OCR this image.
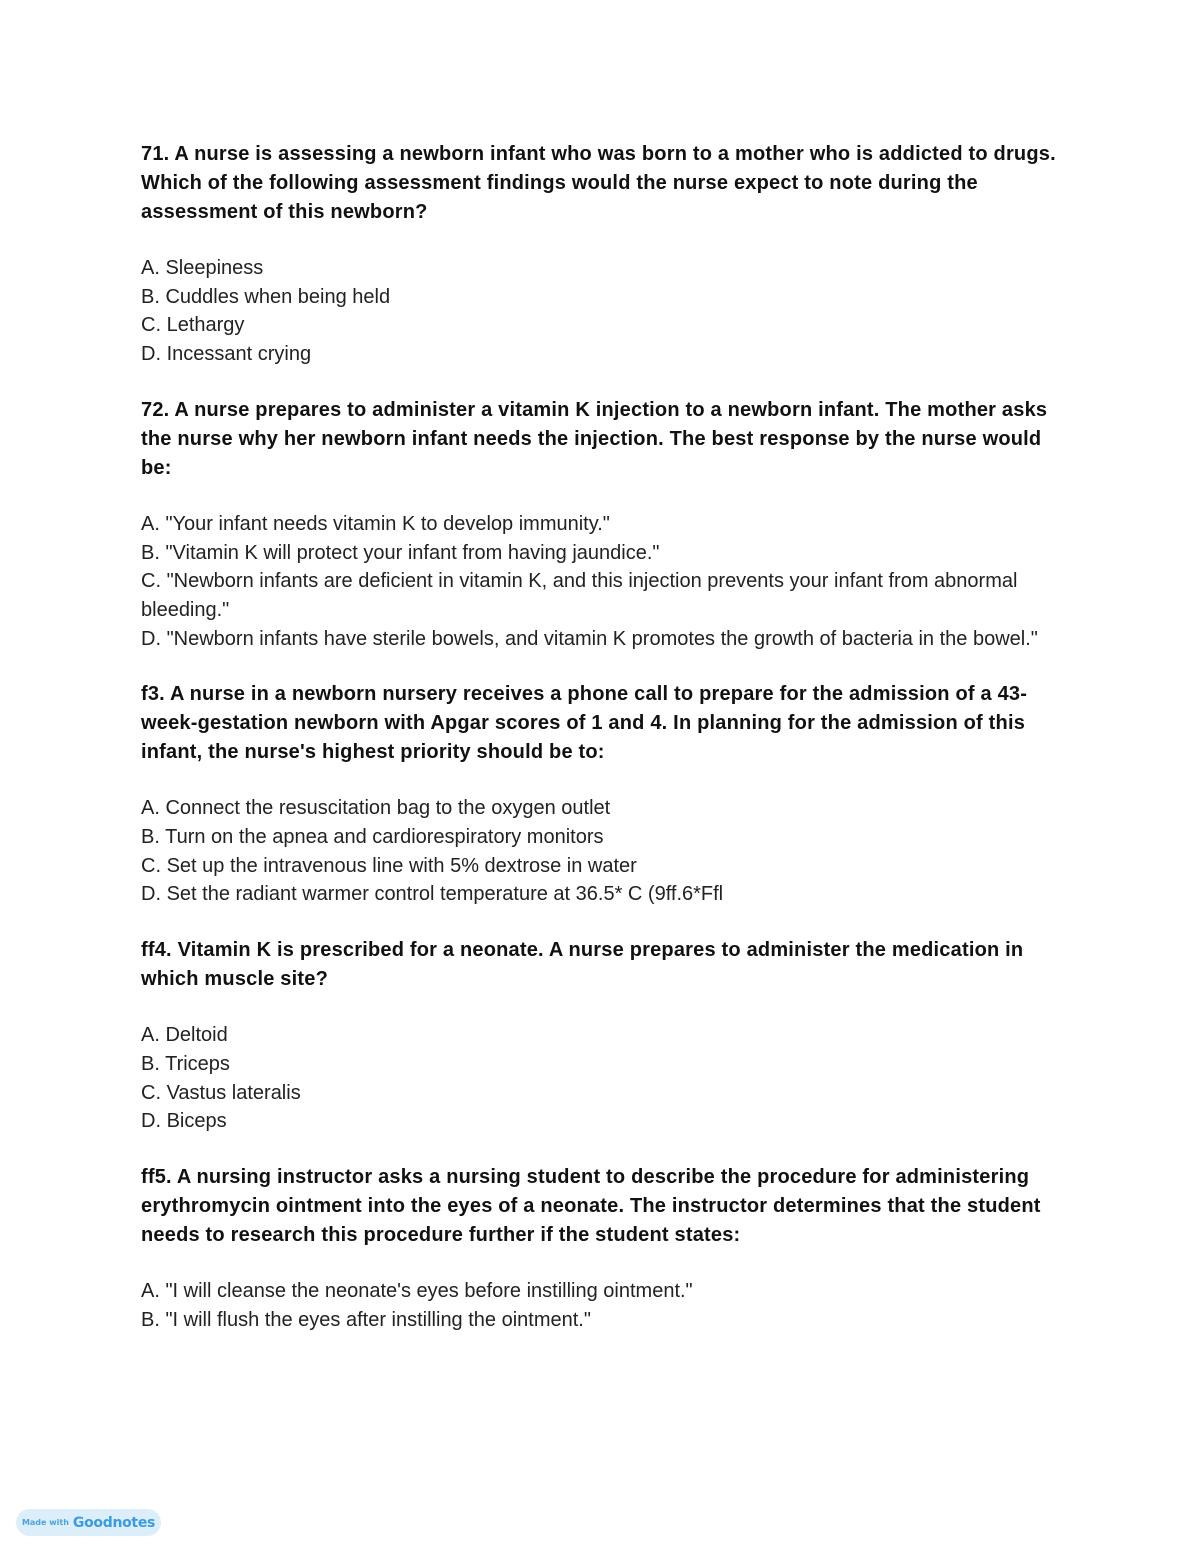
71. A nurse is assessing a newborn infant who was born to a mother who is addicted to drugs. Which of the following assessment findings would the nurse expect to note during the assessment of this newborn?

A. Sleepiness
B. Cuddles when being held
C. Lethargy
D. Incessant crying

72. A nurse prepares to administer a vitamin K injection to a newborn infant. The mother asks the nurse why her newborn infant needs the injection. The best response by the nurse would be:

A. "Your infant needs vitamin K to develop immunity."
B. "Vitamin K will protect your infant from having jaundice."
C. "Newborn infants are deficient in vitamin K, and this injection prevents your infant from abnormal bleeding."
D. "Newborn infants have sterile bowels, and vitamin K promotes the growth of bacteria in the bowel."

f3. A nurse in a newborn nursery receives a phone call to prepare for the admission of a 43-week-gestation newborn with Apgar scores of 1 and 4. In planning for the admission of this infant, the nurse's highest priority should be to:

A. Connect the resuscitation bag to the oxygen outlet
B. Turn on the apnea and cardiorespiratory monitors
C. Set up the intravenous line with 5% dextrose in water
D. Set the radiant warmer control temperature at 36.5* C (9ff.6*Ffl

ff4. Vitamin K is prescribed for a neonate. A nurse prepares to administer the medication in which muscle site?

A. Deltoid
B. Triceps
C. Vastus lateralis
D. Biceps

ff5. A nursing instructor asks a nursing student to describe the procedure for administering erythromycin ointment into the eyes of a neonate. The instructor determines that the student needs to research this procedure further if the student states:

A. "I will cleanse the neonate's eyes before instilling ointment."
B. "I will flush the eyes after instilling the ointment."
Made with Goodnotes
